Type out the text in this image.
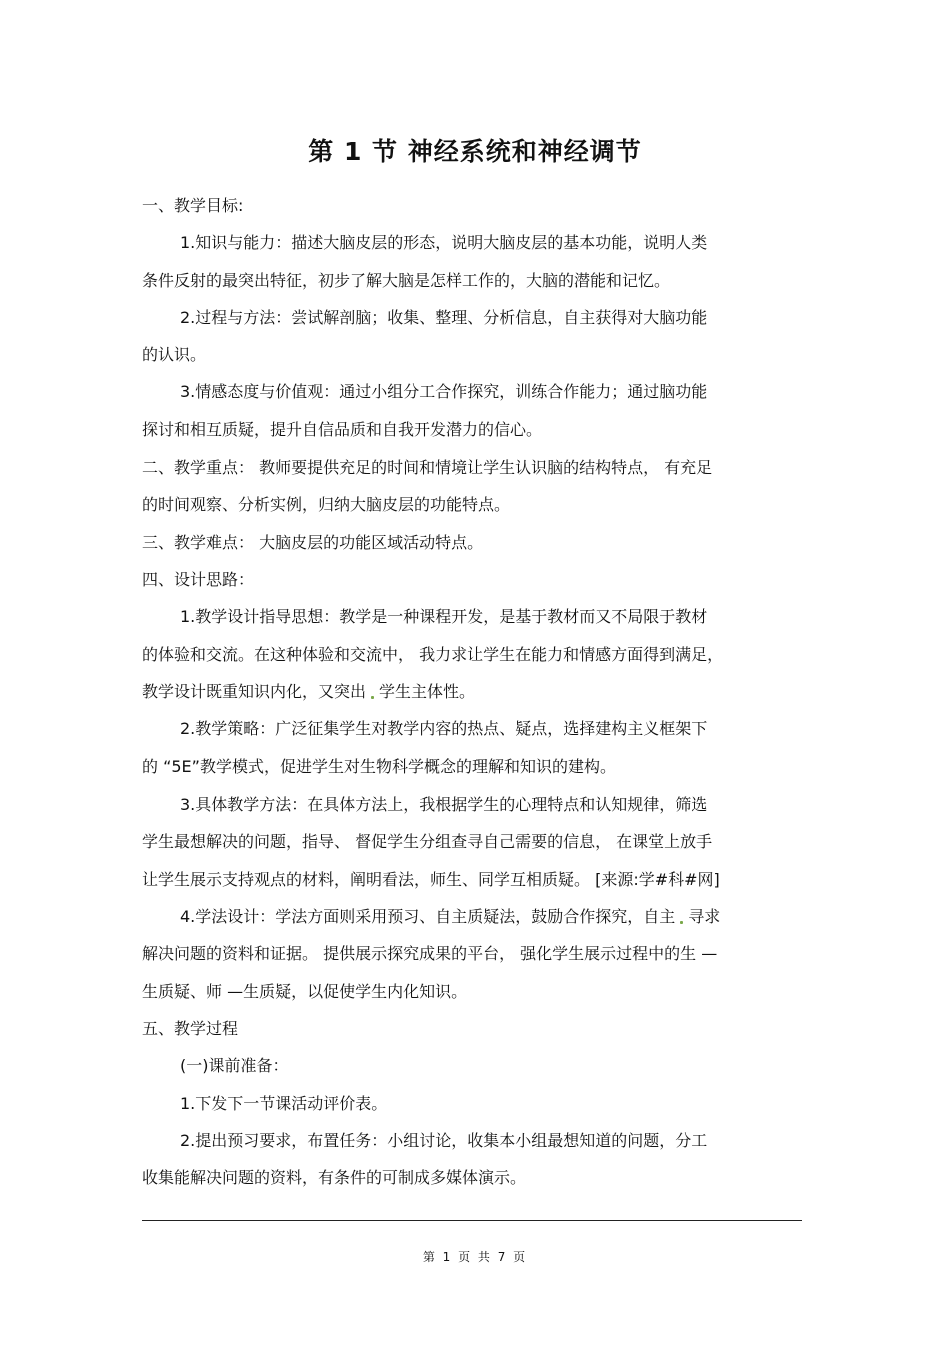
第 1 节 神经系统和神经调节
一、教学目标:
1.知识与能力：描述大脑皮层的形态，说明大脑皮层的基本功能，说明人类
条件反射的最突出特征，初步了解大脑是怎样工作的，大脑的潜能和记忆。
2.过程与方法：尝试解剖脑；收集、整理、分析信息，自主获得对大脑功能
的认识。
3.情感态度与价值观：通过小组分工合作探究，训练合作能力；通过脑功能
探讨和相互质疑，提升自信品质和自我开发潜力的信心。
二、教学重点： 教师要提供充足的时间和情境让学生认识脑的结构特点， 有充足
的时间观察、分析实例，归纳大脑皮层的功能特点。
三、教学难点： 大脑皮层的功能区域活动特点。
四、设计思路：
1.教学设计指导思想：教学是一种课程开发，是基于教材而又不局限于教材
的体验和交流。在这种体验和交流中， 我力求让学生在能力和情感方面得到满足，
教学设计既重知识内化，又突出 学生主体性。
2.教学策略：广泛征集学生对教学内容的热点、疑点，选择建构主义框架下
的 “5E”教学模式，促进学生对生物科学概念的理解和知识的建构。
3.具体教学方法：在具体方法上，我根据学生的心理特点和认知规律，筛选
学生最想解决的问题，指导、 督促学生分组查寻自己需要的信息， 在课堂上放手
让学生展示支持观点的材料，阐明看法，师生、同学互相质疑。 [来源:学#科#网]
4.学法设计：学法方面则采用预习、自主质疑法，鼓励合作探究，自主 寻求
解决问题的资料和证据。 提供展示探究成果的平台， 强化学生展示过程中的生 —
生质疑、师 —生质疑，以促使学生内化知识。
五、教学过程
(一)课前准备：
1.下发下一节课活动评价表。
2.提出预习要求，布置任务：小组讨论，收集本小组最想知道的问题，分工
收集能解决问题的资料，有条件的可制成多媒体演示。
第 1 页 共 7 页
